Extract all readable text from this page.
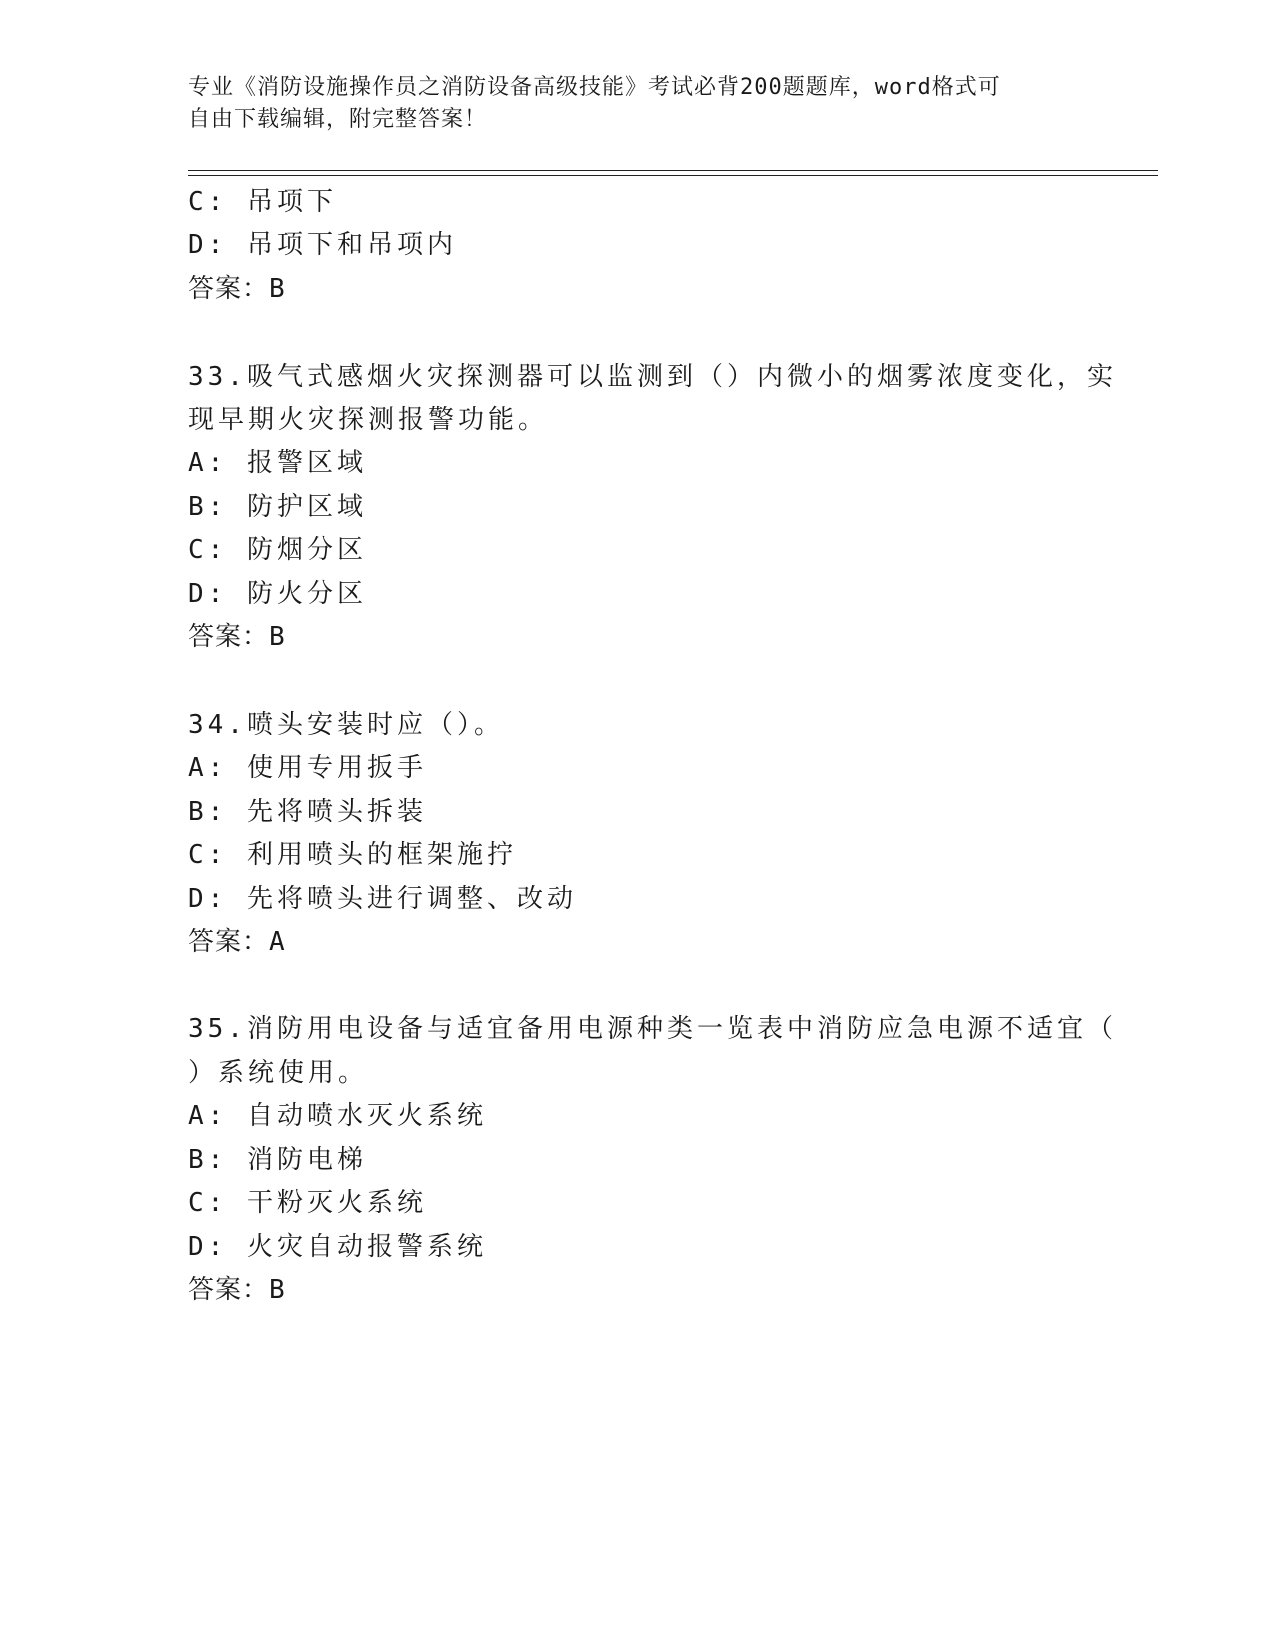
专业《消防设施操作员之消防设备高级技能》考试必背200题题库，word格式可
自由下载编辑，附完整答案！
C: 吊项下
D: 吊项下和吊项内
答案：B
33.吸气式感烟火灾探测器可以监测到（）内微小的烟雾浓度变化，实
现早期火灾探测报警功能。
A: 报警区域
B: 防护区域
C: 防烟分区
D: 防火分区
答案：B
34.喷头安装时应（）。
A: 使用专用扳手
B: 先将喷头拆装
C: 利用喷头的框架施拧
D: 先将喷头进行调整、改动
答案：A
35.消防用电设备与适宜备用电源种类一览表中消防应急电源不适宜（
）系统使用。
A: 自动喷水灭火系统
B: 消防电梯
C: 干粉灭火系统
D: 火灾自动报警系统
答案：B
